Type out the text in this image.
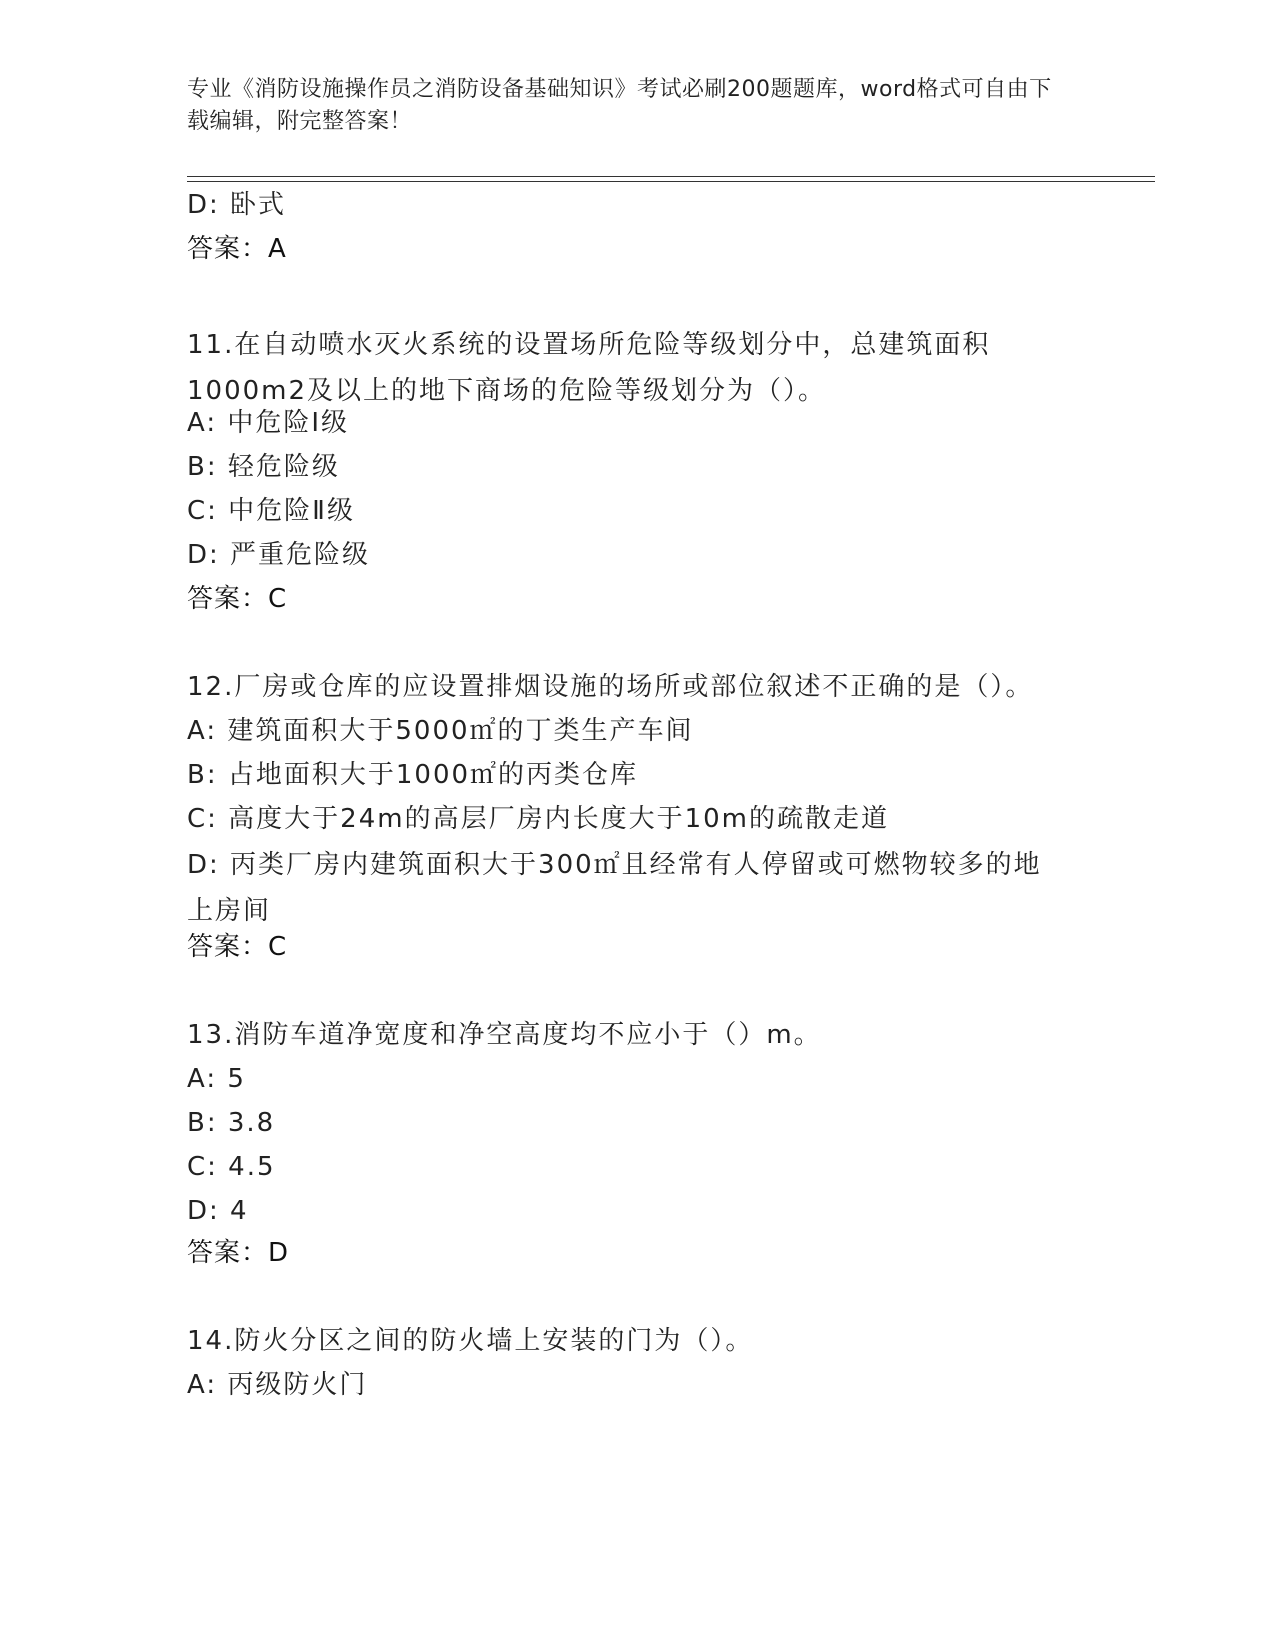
专业《消防设施操作员之消防设备基础知识》考试必刷200题题库，word格式可自由下载编辑，附完整答案！
D: 卧式
答案：A
11.在自动喷水灭火系统的设置场所危险等级划分中，总建筑面积1000m2及以上的地下商场的危险等级划分为（）。
A: 中危险Ⅰ级
B: 轻危险级
C: 中危险Ⅱ级
D: 严重危险级
答案：C
12.厂房或仓库的应设置排烟设施的场所或部位叙述不正确的是（）。
A: 建筑面积大于5000㎡的丁类生产车间
B: 占地面积大于1000㎡的丙类仓库
C: 高度大于24m的高层厂房内长度大于10m的疏散走道
D: 丙类厂房内建筑面积大于300㎡且经常有人停留或可燃物较多的地上房间
答案：C
13.消防车道净宽度和净空高度均不应小于（）m。
A: 5
B: 3.8
C: 4.5
D: 4
答案：D
14.防火分区之间的防火墙上安装的门为（）。
A: 丙级防火门
